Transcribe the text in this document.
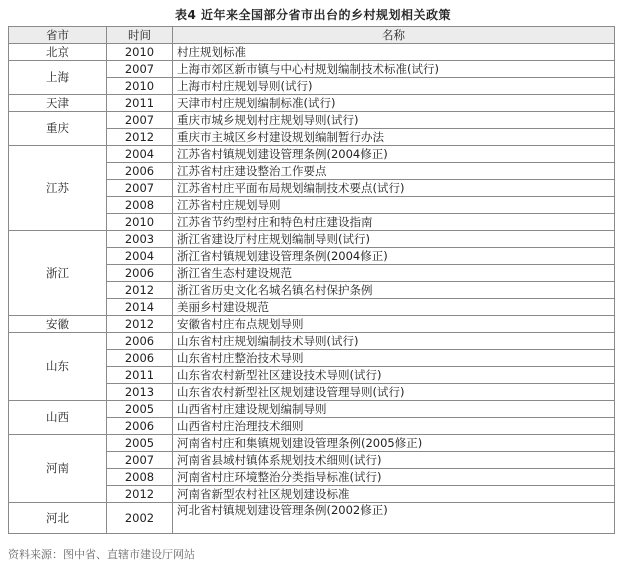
表4 近年来全国部分省市出台的乡村规划相关政策
省市	时间	名称
北京	2010	村庄规划标准
上海	2007	上海市郊区新市镇与中心村规划编制技术标准(试行)
	2010	上海市村庄规划导则(试行)
天津	2011	天津市村庄规划编制标准(试行)
重庆	2007	重庆市城乡规划村庄规划导则(试行)
	2012	重庆市主城区乡村建设规划编制暂行办法
江苏	2004	江苏省村镇规划建设管理条例(2004修正)
	2006	江苏省村庄建设整治工作要点
	2007	江苏省村庄平面布局规划编制技术要点(试行)
	2008	江苏省村庄规划导则
	2010	江苏省节约型村庄和特色村庄建设指南
浙江	2003	浙江省建设厅村庄规划编制导则(试行)
	2004	浙江省村镇规划建设管理条例(2004修正)
	2006	浙江省生态村建设规范
	2012	浙江省历史文化名城名镇名村保护条例
	2014	美丽乡村建设规范
安徽	2012	安徽省村庄布点规划导则
山东	2006	山东省村庄规划编制技术导则(试行)
	2006	山东省村庄整治技术导则
	2011	山东省农村新型社区建设技术导则(试行)
	2013	山东省农村新型社区规划建设管理导则(试行)
山西	2005	山西省村庄建设规划编制导则
	2006	山西省村庄治理技术细则
河南	2005	河南省村庄和集镇规划建设管理条例(2005修正)
	2007	河南省县域村镇体系规划技术细则(试行)
	2008	河南省村庄环境整治分类指导标准(试行)
	2012	河南省新型农村社区规划建设标准
河北	2002	河北省村镇规划建设管理条例(2002修正)
资料来源：图中省、直辖市建设厅网站
